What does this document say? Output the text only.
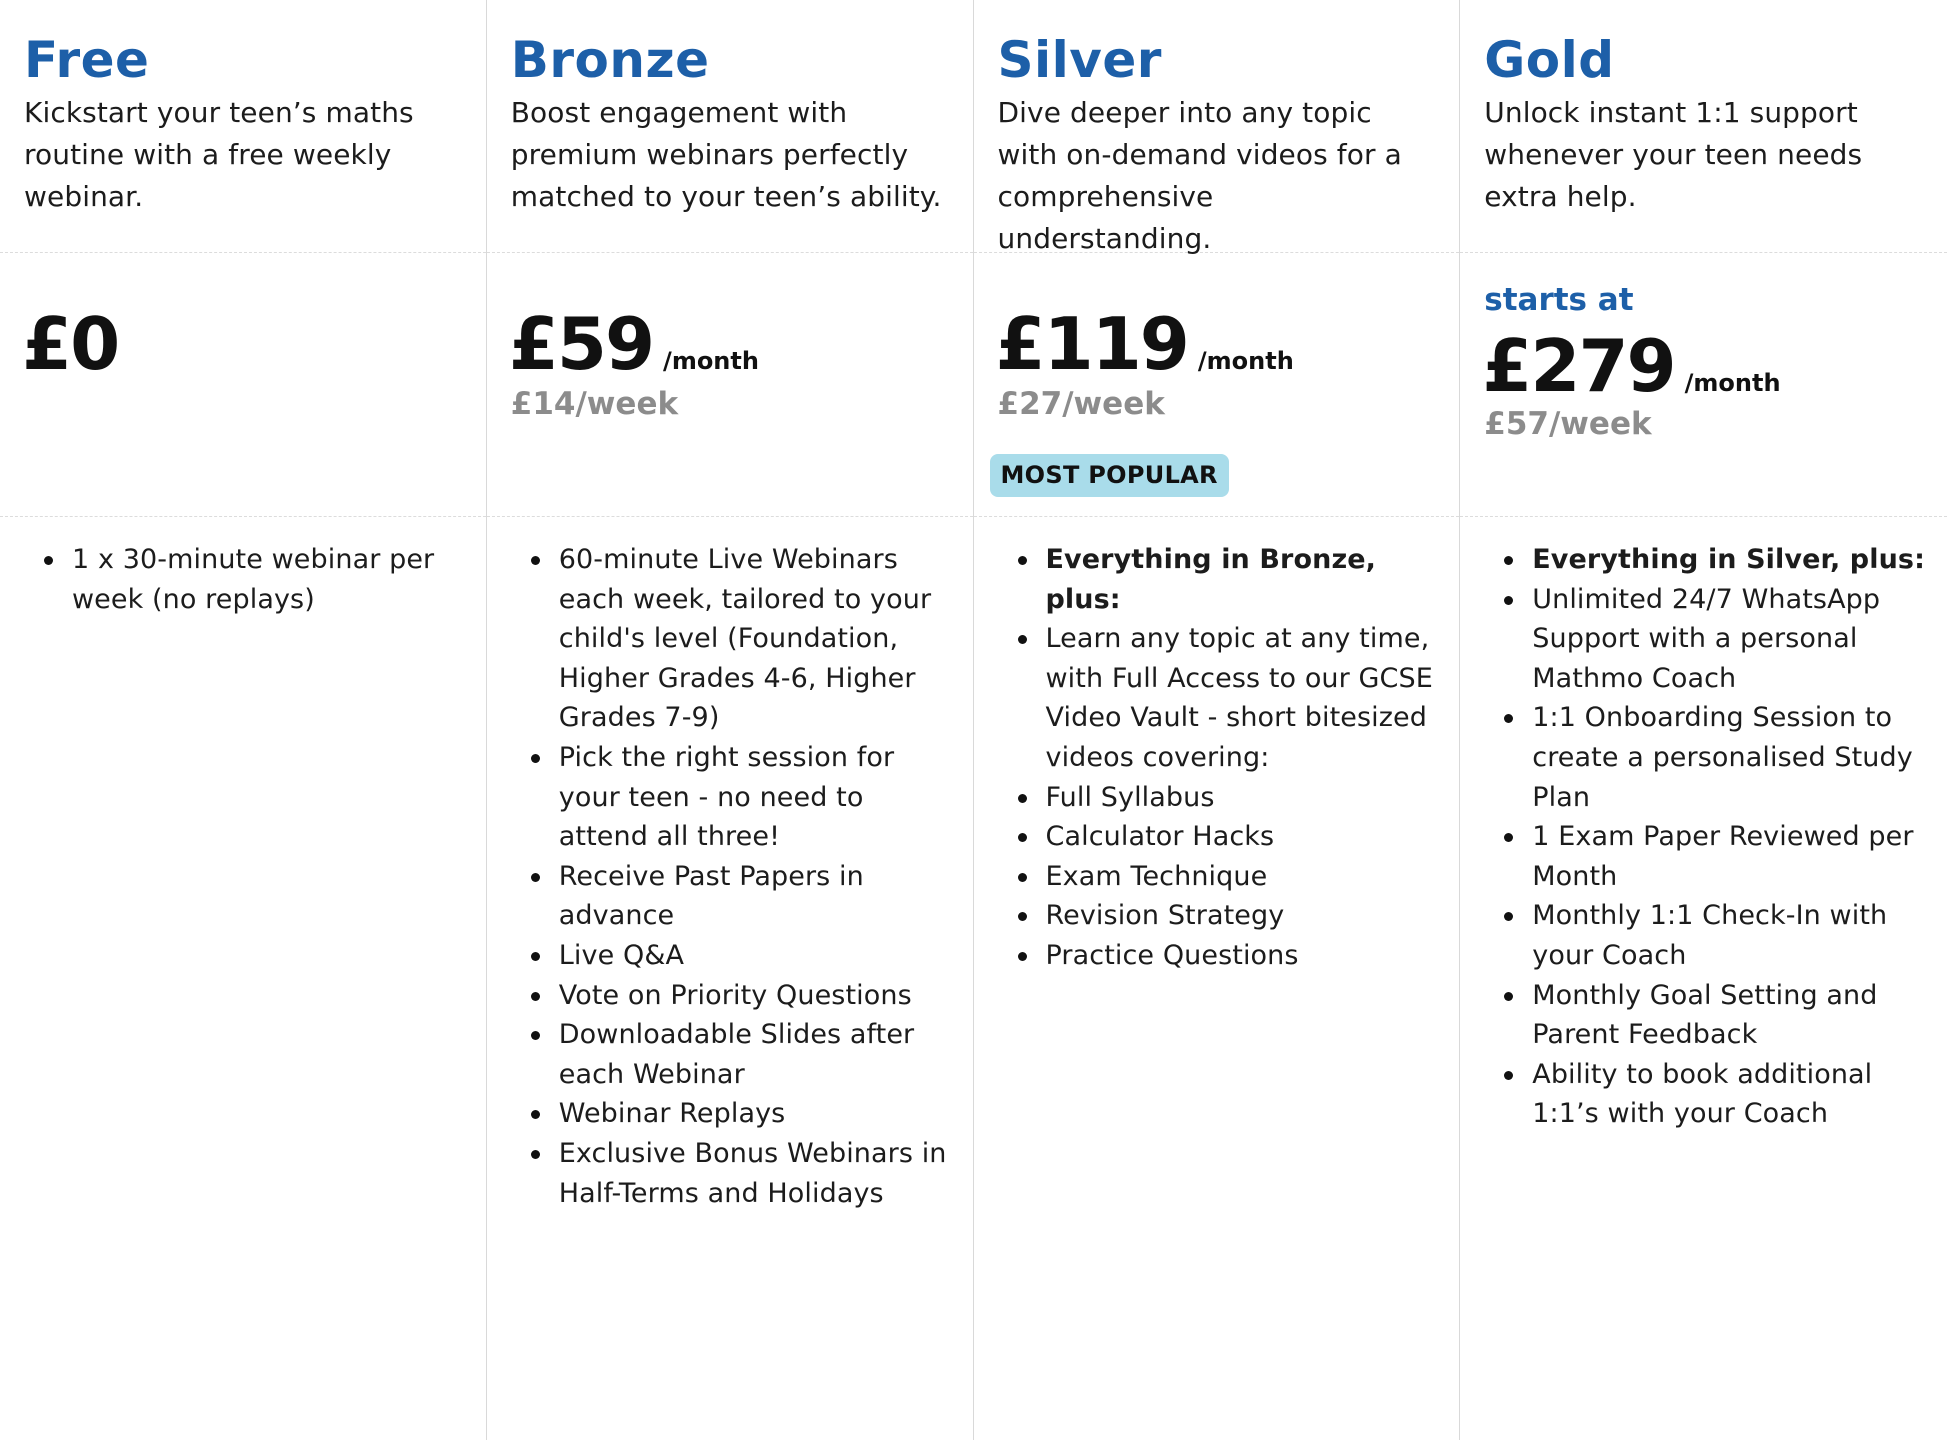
Free

Kickstart your teen’s maths routine with a free weekly webinar.

£0
1 x 30-minute webinar per week (no replays)
Bronze

Boost engagement with premium webinars perfectly matched to your teen’s ability.

£59 /month
£14/week
60-minute Live Webinars each week, tailored to your child's level (Foundation, Higher Grades 4-6, Higher Grades 7-9)
Pick the right session for your teen - no need to attend all three!
Receive Past Papers in advance
Live Q&A
Vote on Priority Questions
Downloadable Slides after each Webinar
Webinar Replays
Exclusive Bonus Webinars in Half-Terms and Holidays
Silver

Dive deeper into any topic with on-demand videos for a comprehensive understanding.

£119 /month
£27/week
MOST POPULAR
Everything in Bronze, plus:
Learn any topic at any time, with Full Access to our GCSE Video Vault - short bitesized videos covering:
Full Syllabus
Calculator Hacks
Exam Technique
Revision Strategy
Practice Questions
Gold

Unlock instant 1:1 support whenever your teen needs extra help.

starts at
£279 /month
£57/week
Everything in Silver, plus:
Unlimited 24/7 WhatsApp Support with a personal Mathmo Coach
1:1 Onboarding Session to create a personalised Study Plan
1 Exam Paper Reviewed per Month
Monthly 1:1 Check-In with your Coach
Monthly Goal Setting and Parent Feedback
Ability to book additional 1:1’s with your Coach
